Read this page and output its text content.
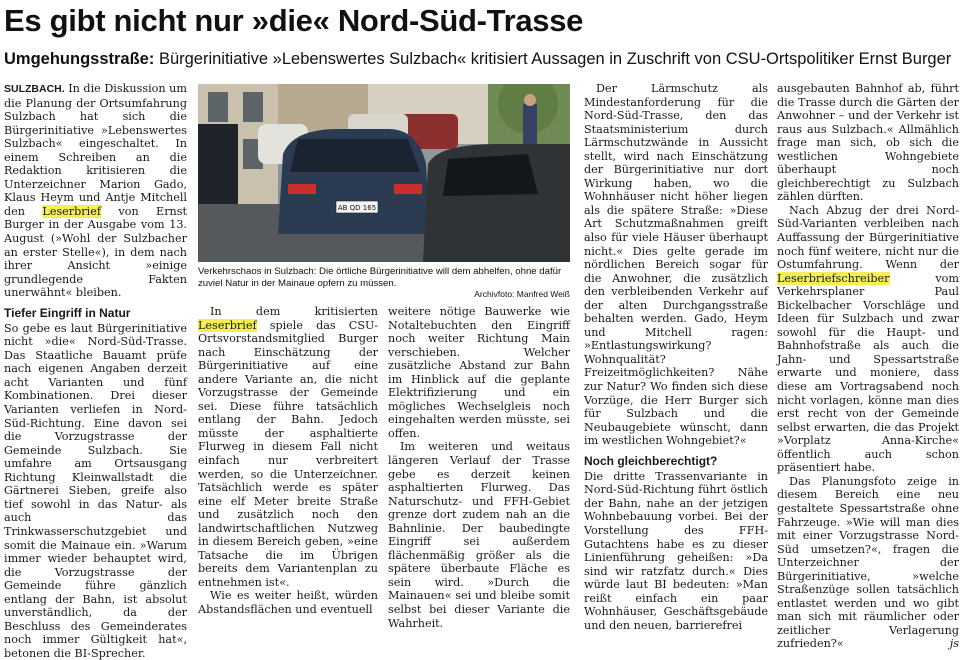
Es gibt nicht nur »die« Nord-Süd-Trasse
Umgehungsstraße: Bürgerinitiative »Lebenswertes Sulzbach« kritisiert Aussagen in Zuschrift von CSU-Ortspolitiker Ernst Burger

SULZBACH. In die Diskussion um die Planung der Ortsumfahrung Sulzbach hat sich die Bürgerinitiative »Lebenswertes Sulzbach« eingeschaltet. In einem Schreiben an die Redaktion kritisieren die Unterzeichner Marion Gado, Klaus Heym und Antje Mitchell den Leserbrief von Ernst Burger in der Ausgabe vom 13. August (»Wohl der Sulzbacher an erster Stelle«), in dem nach ihrer Ansicht »einige grundlegende Fakten unerwähnt« bleiben.

Tiefer Eingriff in Natur

So gebe es laut Bürgerinitiative nicht »die« Nord-Süd-Trasse. Das Staatliche Bauamt prüfe nach eigenen Angaben derzeit acht Varianten und fünf Kombinationen. Drei dieser Varianten verliefen in Nord-Süd-Richtung. Eine davon sei die Vorzugstrasse der Gemeinde Sulzbach. Sie umfahre am Ortsausgang Richtung Kleinwallstadt die Gärtnerei Sieben, greife also tief sowohl in das Natur- als auch das Trinkwasserschutzgebiet und somit die Mainaue ein. »Warum immer wieder behauptet wird, die Vorzugstrasse der Gemeinde führe gänzlich entlang der Bahn, ist absolut unverständlich, da der Beschluss des Gemeinderates noch immer Gültigkeit hat«, betonen die BI-Sprecher.

AB QD 165
Verkehrschaos in Sulzbach: Die örtliche Bürgerinitiative will dem abhelfen, ohne dafür zuviel Natur in der Mainaue opfern zu müssen.
Archivfoto: Manfred Weiß

In dem kritisierten Leserbrief spiele das CSU-Ortsvorstandsmitglied Burger nach Einschätzung der Bürgerinitiative auf eine andere Variante an, die nicht Vorzugstrasse der Gemeinde sei. Diese führe tatsächlich entlang der Bahn. Jedoch müsste der asphaltierte Flurweg in diesem Fall nicht einfach nur verbreitert werden, so die Unterzeichner. Tatsächlich werde es später eine elf Meter breite Straße und zusätzlich noch den landwirtschaftlichen Nutzweg in diesem Bereich geben, »eine Tatsache die im Übrigen bereits dem Variantenplan zu entnehmen ist«.

Wie es weiter heißt, würden Abstandsflächen und eventuell

weitere nötige Bauwerke wie Notaltebuchten den Eingriff noch weiter Richtung Main verschieben. Welcher zusätzliche Abstand zur Bahn im Hinblick auf die geplante Elektrifizierung und ein mögliches Wechselgleis noch eingehalten werden müsste, sei offen.

Im weiteren und weitaus längeren Verlauf der Trasse gebe es derzeit keinen asphaltierten Flurweg. Das Naturschutz- und FFH-Gebiet grenze dort zudem nah an die Bahnlinie. Der baubedingte Eingriff sei außerdem flächenmäßig größer als die spätere überbaute Fläche es sein wird. »Durch die Mainauen« sei und bleibe somit selbst bei dieser Variante die Wahrheit.

Der Lärmschutz als Mindestanforderung für die Nord-Süd-Trasse, den das Staatsministerium durch Lärmschutzwände in Aussicht stellt, wird nach Einschätzung der Bürgerinitiative nur dort Wirkung haben, wo die Wohnhäuser nicht höher liegen als die spätere Straße: »Diese Art Schutzmaßnahmen greift also für viele Häuser überhaupt nicht.« Dies gelte gerade im nördlichen Bereich sogar für die Anwohner, die zusätzlich den verbleibenden Verkehr auf der alten Durchgangsstraße behalten werden. Gado, Heym und Mitchell ragen: »Entlastungswirkung? Wohnqualität? Freizeitmöglichkeiten? Nähe zur Natur? Wo finden sich diese Vorzüge, die Herr Burger sich für Sulzbach und die Neubaugebiete wünscht, dann im westlichen Wohngebiet?«

Noch gleichberechtigt?

Die dritte Trassenvariante in Nord-Süd-Richtung führt östlich der Bahn, nahe an der jetzigen Wohnbebauung vorbei. Bei der Vorstellung des FFH-Gutachtens habe es zu dieser Linienführung geheißen: »Da sind wir ratzfatz durch.« Dies würde laut BI bedeuten: »Man reißt einfach ein paar Wohnhäuser, Geschäftsgebäude und den neuen, barrierefrei

ausgebauten Bahnhof ab, führt die Trasse durch die Gärten der Anwohner – und der Verkehr ist raus aus Sulzbach.« Allmählich frage man sich, ob sich die westlichen Wohngebiete überhaupt noch gleichberechtigt zu Sulzbach zählen dürften.

Nach Abzug der drei Nord-Süd-Varianten verbleiben nach Auffassung der Bürgerinitiative noch fünf weitere, nicht nur die Ostumfahrung. Wenn der Leserbriefschreiber vom Verkehrsplaner Paul Bickelbacher Vorschläge und Ideen für Sulzbach und zwar sowohl für die Haupt- und Bahnhofstraße als auch die Jahn- und Spessartstraße erwarte und moniere, dass diese am Vortragsabend noch nicht vorlagen, könne man dies erst recht von der Gemeinde selbst erwarten, die das Projekt »Vorplatz Anna-Kirche« öffentlich auch schon präsentiert habe.

Das Planungsfoto zeige in diesem Bereich eine neu gestaltete Spessartstraße ohne Fahrzeuge. »Wie will man dies mit einer Vorzugstrasse Nord-Süd umsetzen?«, fragen die Unterzeichner der Bürgerinitiative, »welche Straßenzüge sollen tatsächlich entlastet werden und wo gibt man sich mit räumlicher oder zeitlicher Verlagerung zufrieden?«	js
